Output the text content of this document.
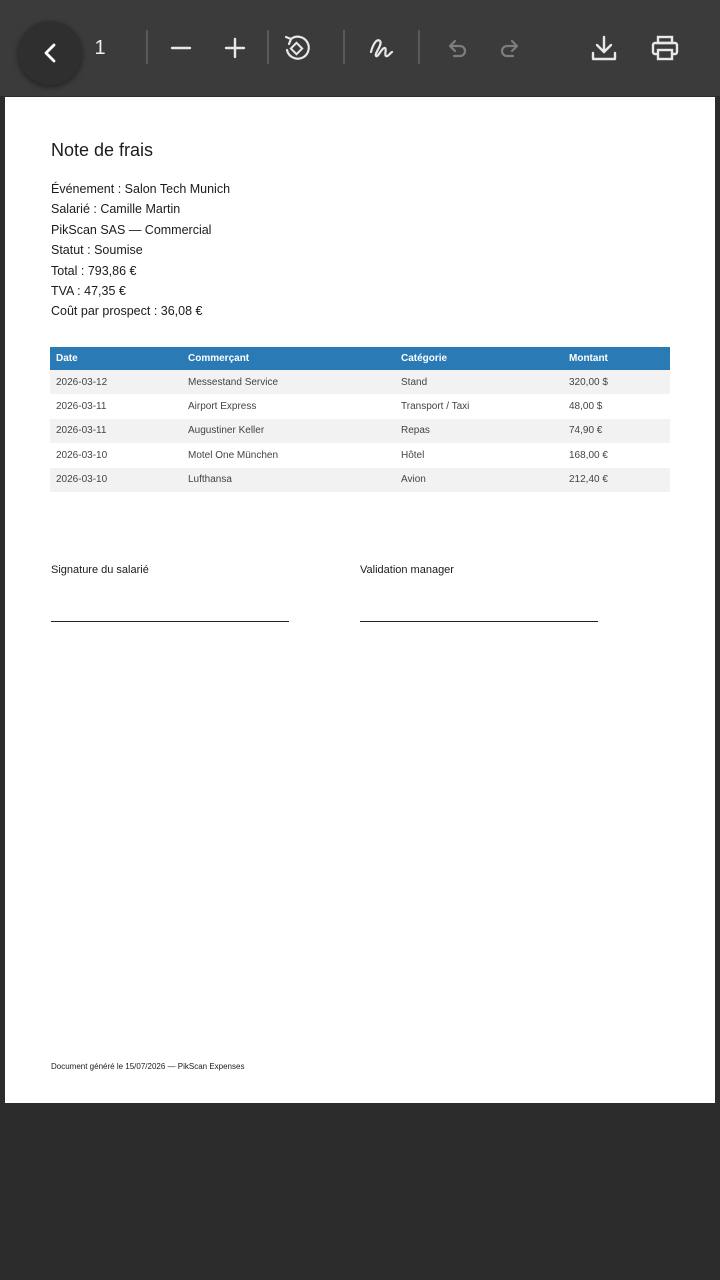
1
Note de frais
Événement : Salon Tech Munich
Salarié : Camille Martin
PikScan SAS — Commercial
Statut : Soumise
Total : 793,86 €
TVA : 47,35 €
Coût par prospect : 36,08 €
Date	Commerçant	Catégorie	Montant
2026-03-12	Messestand Service	Stand	320,00 $
2026-03-11	Airport Express	Transport / Taxi	48,00 $
2026-03-11	Augustiner Keller	Repas	74,90 €
2026-03-10	Motel One München	Hôtel	168,00 €
2026-03-10	Lufthansa	Avion	212,40 €
Signature du salarié	Validation manager
Document généré le 15/07/2026 — PikScan Expenses
